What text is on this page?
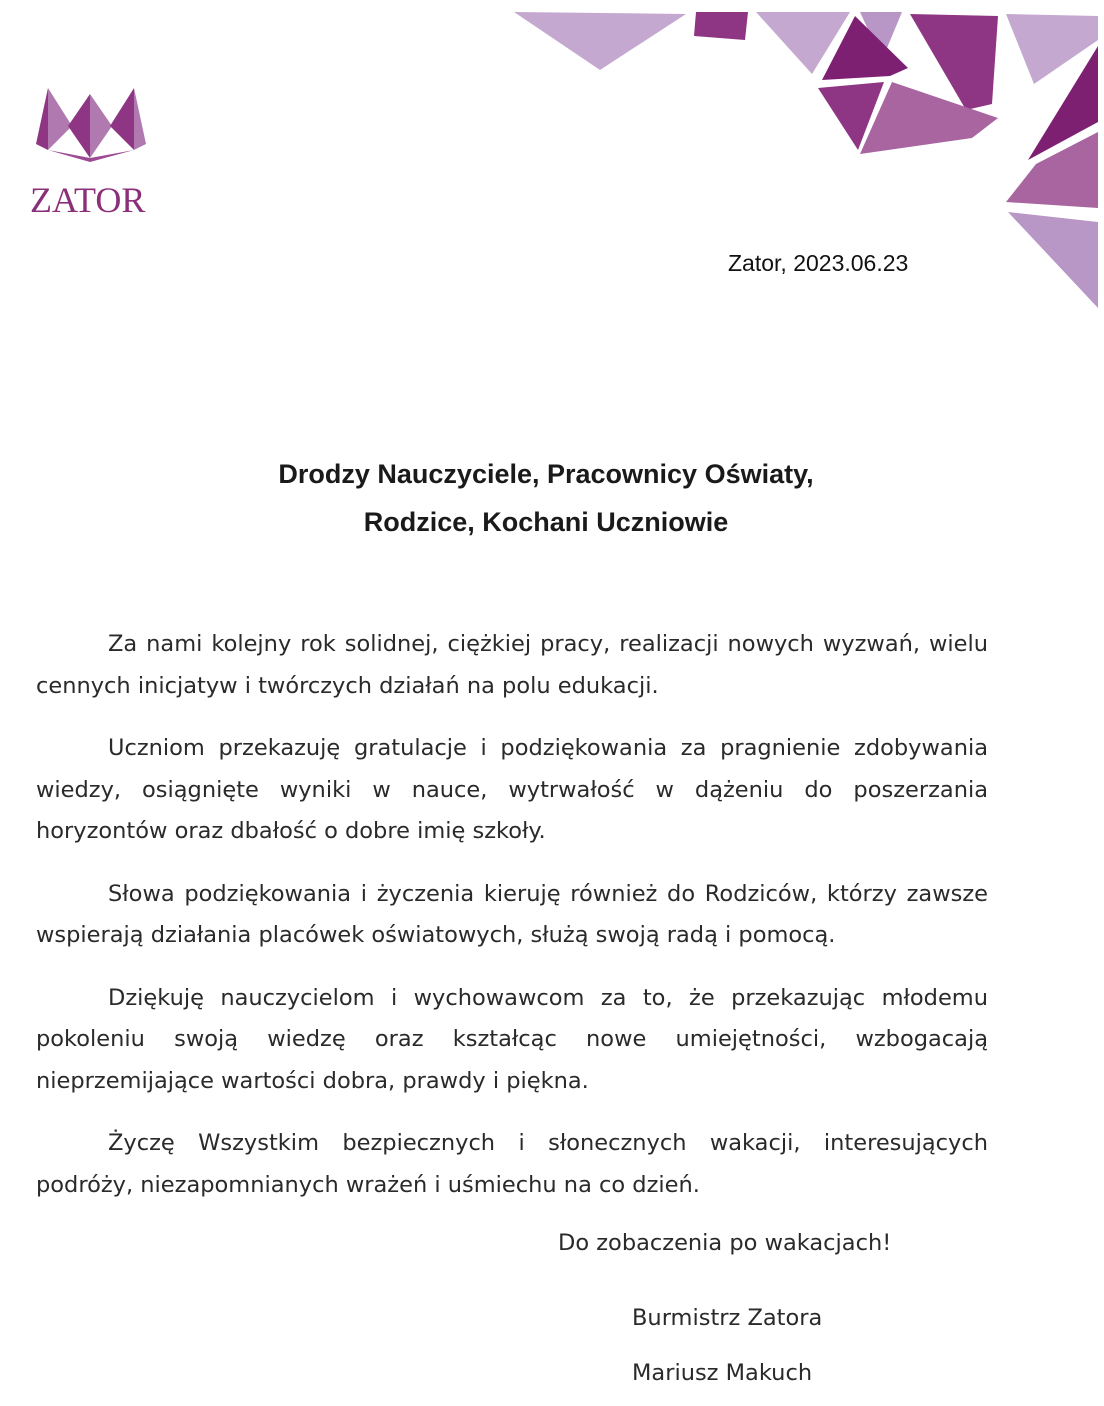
ZATOR
Zator, 2023.06.23
Drodzy Nauczyciele, Pracownicy Oświaty,
Rodzice, Kochani Uczniowie

Za nami kolejny rok solidnej, ciężkiej pracy, realizacji nowych wyzwań, wielu cennych inicjatyw i twórczych działań na polu edukacji.

Uczniom przekazuję gratulacje i podziękowania za pragnienie zdobywania wiedzy, osiągnięte wyniki w nauce, wytrwałość w dążeniu do poszerzania horyzontów oraz dbałość o dobre imię szkoły.

Słowa podziękowania i życzenia kieruję również do Rodziców, którzy zawsze wspierają działania placówek oświatowych, służą swoją radą i pomocą.

Dziękuję nauczycielom i wychowawcom za to, że przekazując młodemu pokoleniu swoją wiedzę oraz kształcąc nowe umiejętności, wzbogacają nieprzemijające wartości dobra, prawdy i piękna.

Życzę Wszystkim bezpiecznych i słonecznych wakacji, interesujących podróży, niezapomnianych wrażeń i uśmiechu na co dzień.

Do zobaczenia po wakacjach!
Burmistrz Zatora
Mariusz Makuch
